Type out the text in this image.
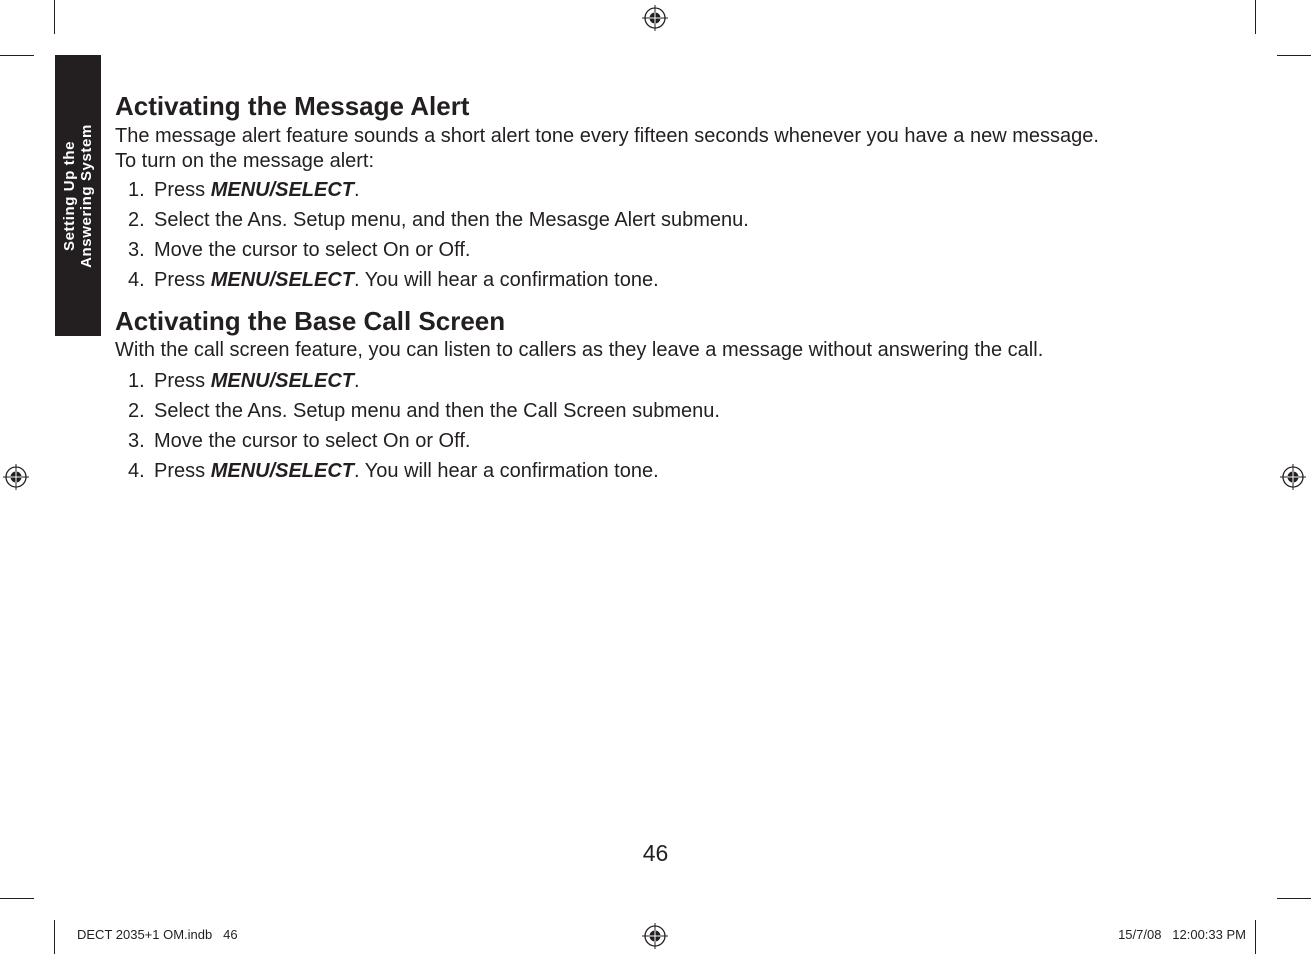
Setting Up the Answering System
Activating the Message Alert

The message alert feature sounds a short alert tone every fifteen seconds whenever you have a new message.

To turn on the message alert:

1. Press MENU/SELECT.
2. Select the Ans. Setup menu, and then the Mesasge Alert submenu.
3. Move the cursor to select On or Off.
4. Press MENU/SELECT. You will hear a confirmation tone.
Activating the Base Call Screen

With the call screen feature, you can listen to callers as they leave a message without answering the call.

1. Press MENU/SELECT.
2. Select the Ans. Setup menu and then the Call Screen submenu.
3. Move the cursor to select On or Off.
4. Press MENU/SELECT. You will hear a confirmation tone.
46
DECT 2035+1 OM.indb   46	15/7/08   12:00:33 PM
